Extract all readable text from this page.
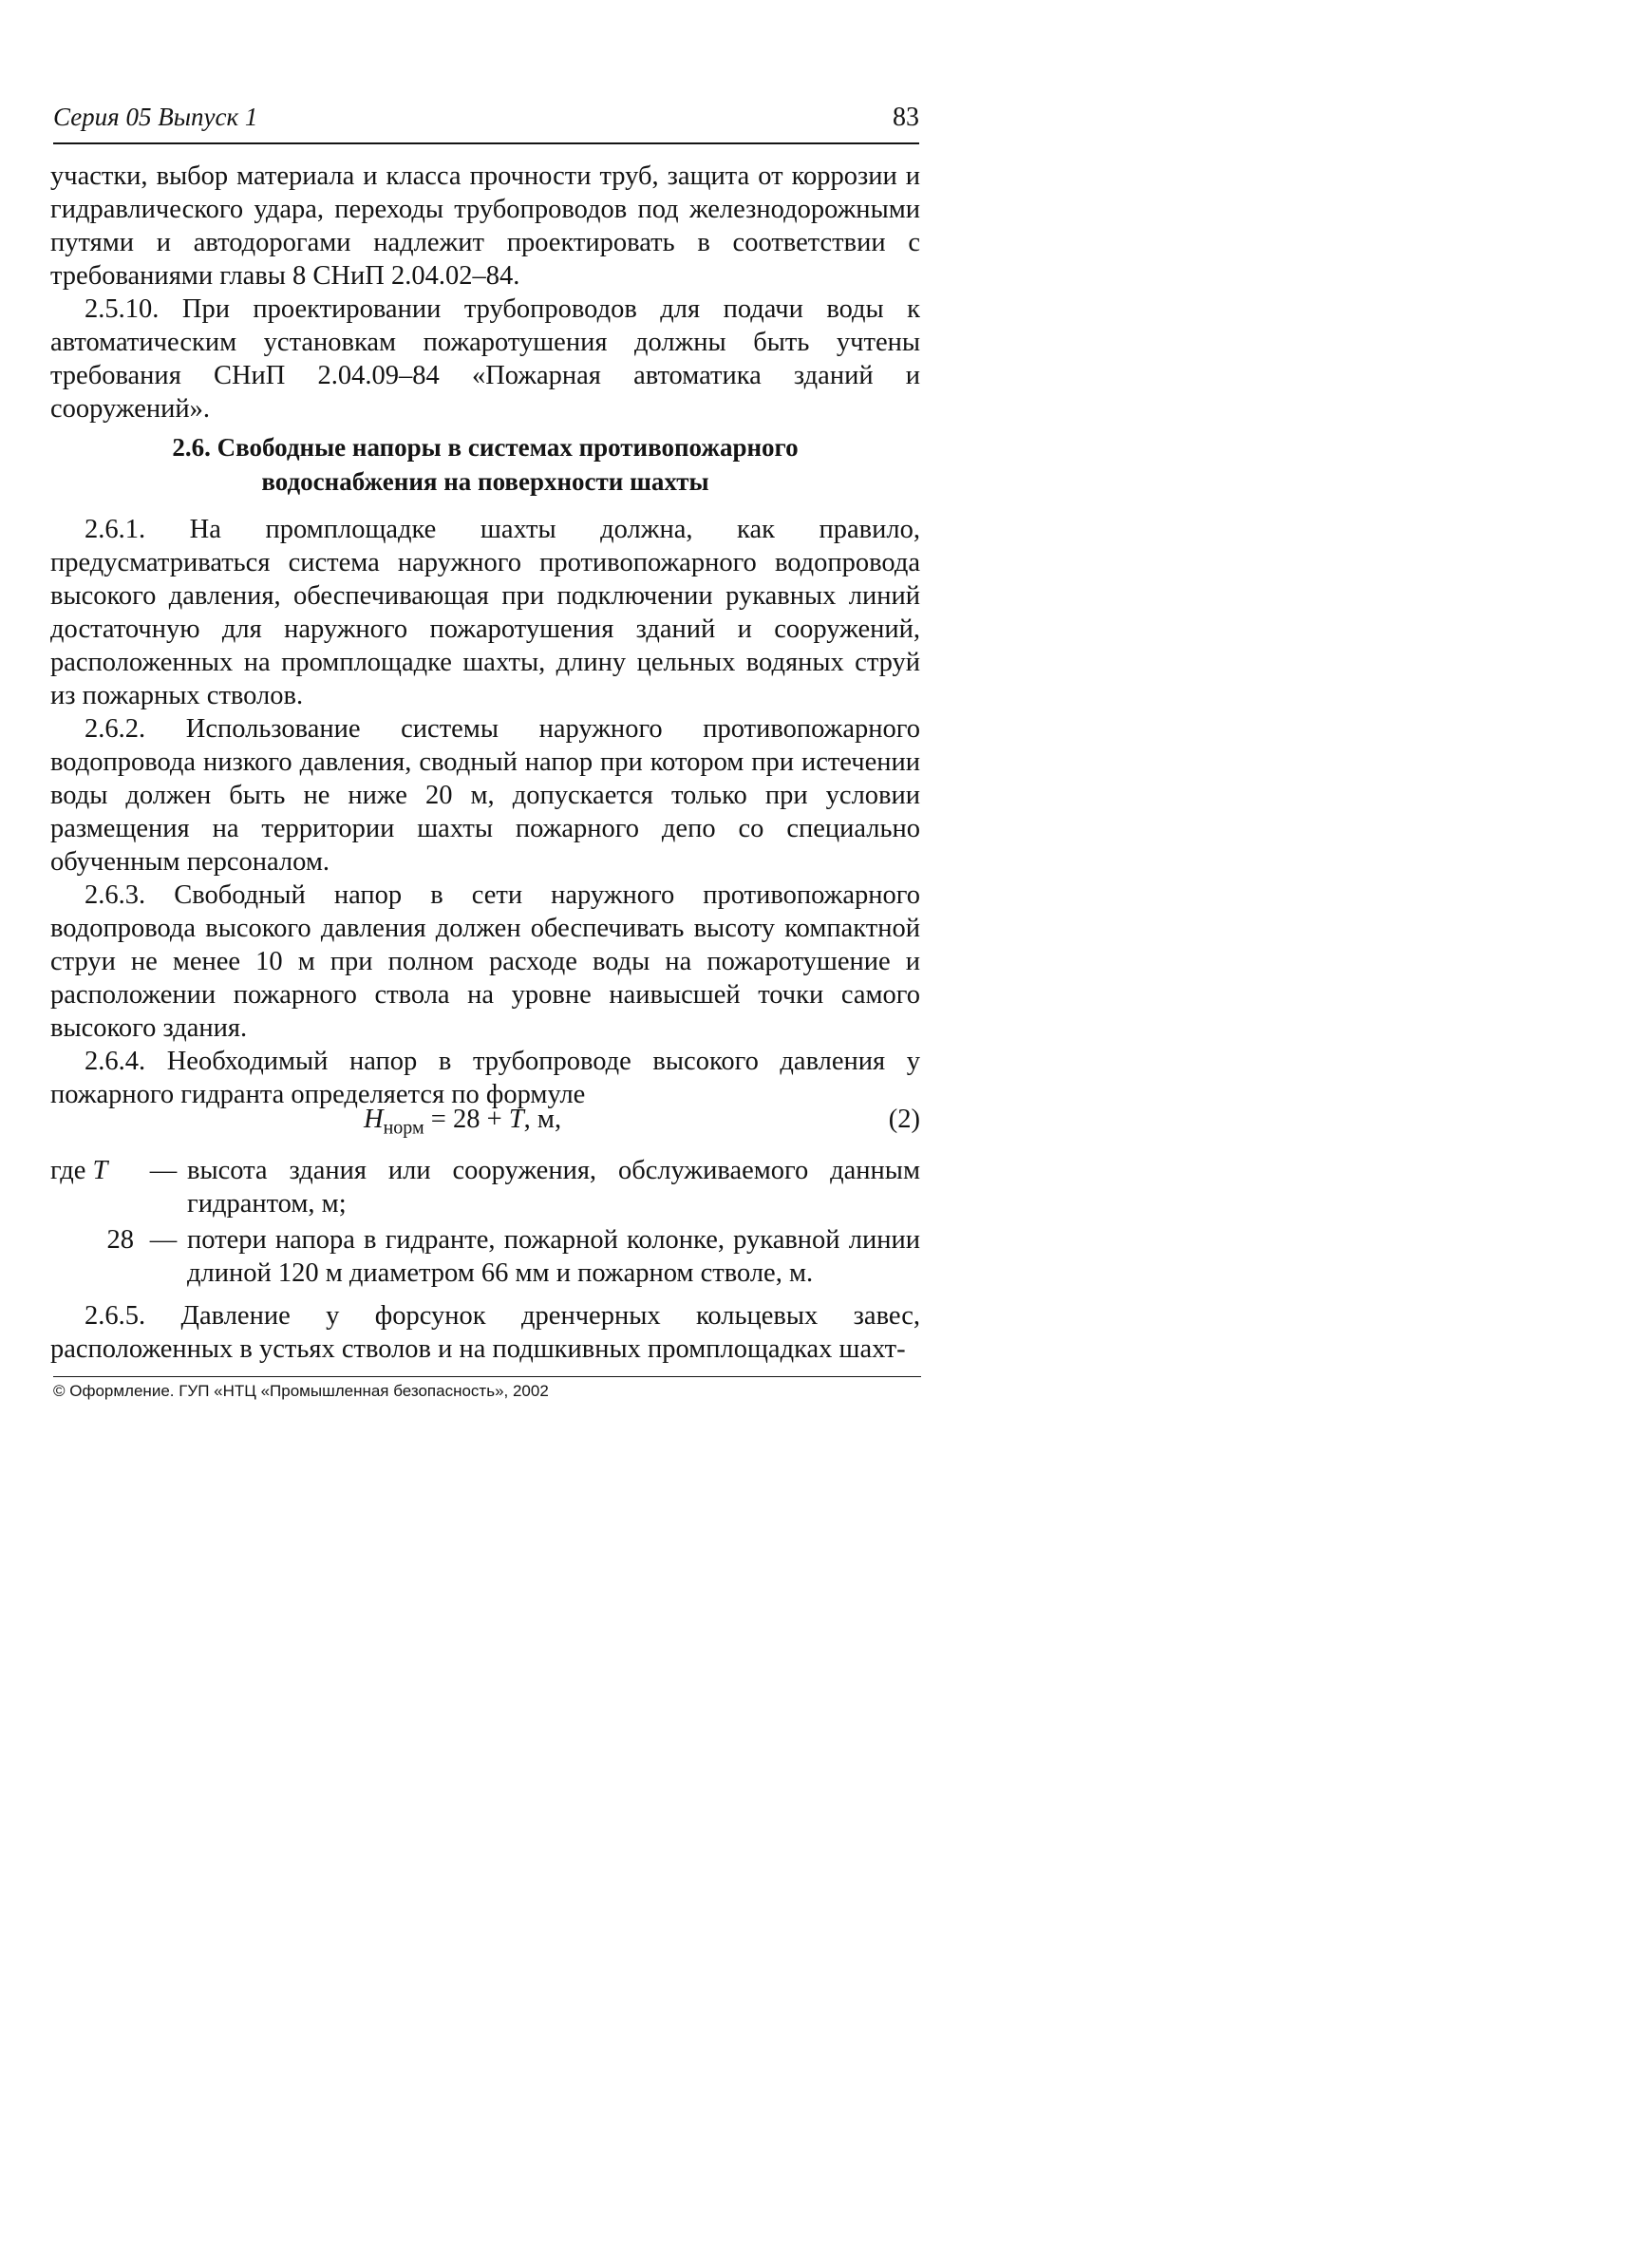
Серия 05 Выпуск 1	83

участки, выбор материала и класса прочности труб, защита от коррозии и гидравлического удара, переходы трубопроводов под железнодорожными путями и автодорогами надлежит проектировать в соответствии с требованиями главы 8 СНиП 2.04.02–84.

2.5.10. При проектировании трубопроводов для подачи воды к автоматическим установкам пожаротушения должны быть учтены требования СНиП 2.04.09–84 «Пожарная автоматика зданий и сооружений».

2.6. Свободные напоры в системах противопожарного
водоснабжения на поверхности шахты

2.6.1. На промплощадке шахты должна, как правило, предусматриваться система наружного противопожарного водопровода высокого давления, обеспечивающая при подключении рукавных линий достаточную для наружного пожаротушения зданий и сооружений, расположенных на промплощадке шахты, длину цельных водяных струй из пожарных стволов.

2.6.2. Использование системы наружного противопожарного водопровода низкого давления, сводный напор при котором при истечении воды должен быть не ниже 20 м, допускается только при условии размещения на территории шахты пожарного депо со специально обученным персоналом.

2.6.3. Свободный напор в сети наружного противопожарного водопровода высокого давления должен обеспечивать высоту компактной струи не менее 10 м при полном расходе воды на пожаротушение и расположении пожарного ствола на уровне наивысшей точки самого высокого здания.

2.6.4. Необходимый напор в трубопроводе высокого давления у пожарного гидранта определяется по формуле

$H_{норм} = 28 + T$, м,	(2)
где T	— высота здания или сооружения, обслуживаемого данным гидрантом, м;
28 — потери напора в гидранте, пожарной колонке, рукавной линии длиной 120 м диаметром 66 мм и пожарном стволе, м.

2.6.5. Давление у форсунок дренчерных кольцевых завес, расположенных в устьях стволов и на подшкивных промплощадках шахт-

© Оформление. ГУП «НТЦ «Промышленная безопасность», 2002
